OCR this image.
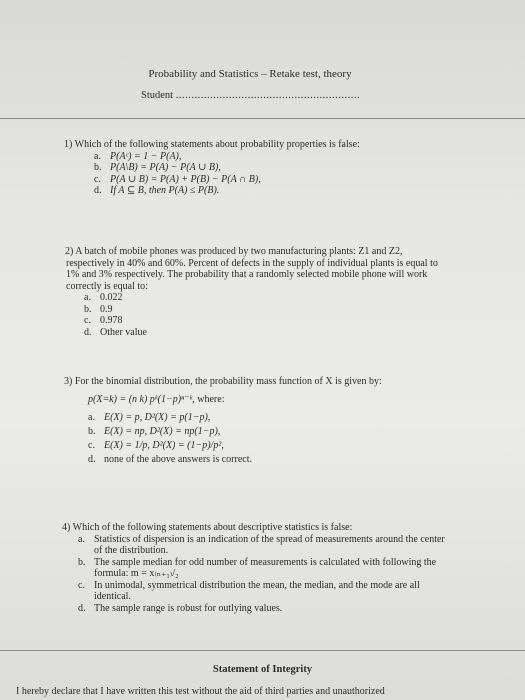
Probability and Statistics – Retake test, theory
Student ...........................................................

1) Which of the following statements about probability properties is false:

a. P(Aᶜ) = 1 − P(A),
b. P(A\B) = P(A) − P(A ∪ B),
c. P(A ∪ B) = P(A) + P(B) − P(A ∩ B),
d. If A ⊆ B, then P(A) ≤ P(B).

2) A batch of mobile phones was produced by two manufacturing plants: Z1 and Z2, respectively in 40% and 60%. Percent of defects in the supply of individual plants is equal to 1% and 3% respectively. The probability that a randomly selected mobile phone will work correctly is equal to:

a. 0.022
b. 0.9
c. 0.978
d. Other value

3) For the binomial distribution, the probability mass function of X is given by:

p(X=k) = (n k) pᵏ(1−p)ⁿ⁻ᵏ, where:

a. E(X) = p, D²(X) = p(1−p),
b. E(X) = np, D²(X) = np(1−p),
c. E(X) = 1/p, D²(X) = (1−p)/p²,
d. none of the above answers is correct.

4) Which of the following statements about descriptive statistics is false:

a. Statistics of dispersion is an indication of the spread of measurements around the center of the distribution.
b. The sample median for odd number of measurements is calculated with following the formula: m = x₍ₙ₊₁₎/₂
c. In unimodal, symmetrical distribution the mean, the median, and the mode are all identical.
d. The sample range is robust for outlying values.
Statement of Integrity
I hereby declare that I have written this test without the aid of third parties and unauthorized
